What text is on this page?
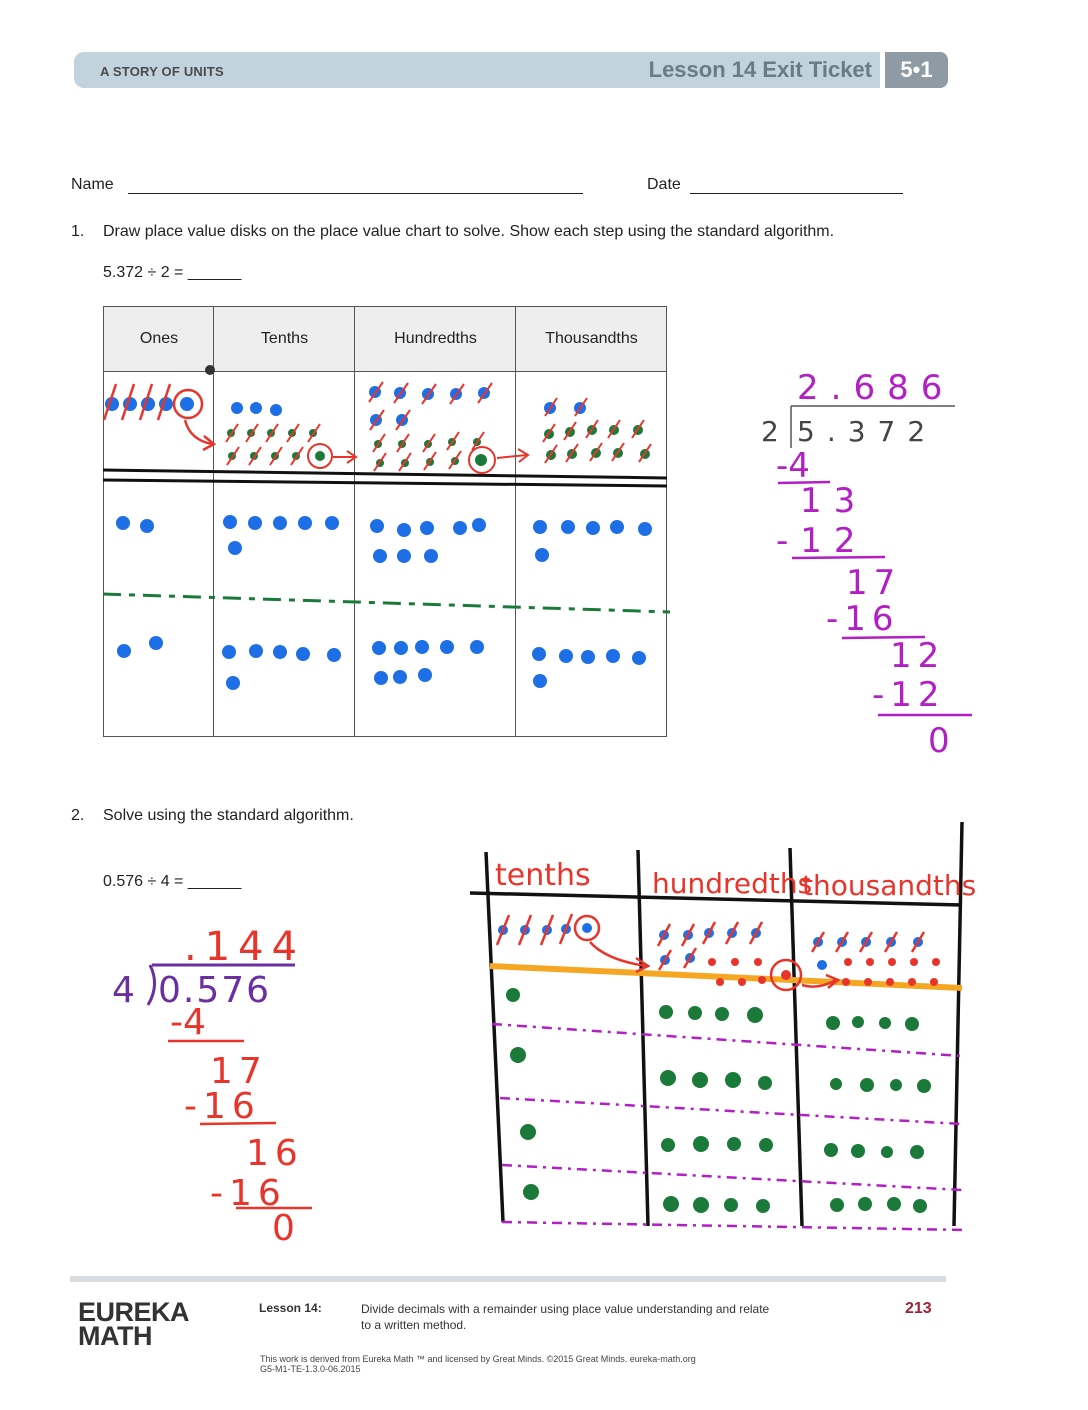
A STORY OF UNITS	Lesson 14 Exit Ticket	5•1
Name	Date
1. Draw place value disks on the place value chart to solve. Show each step using the standard algorithm.
5.372 ÷ 2 = ______
Ones	Tenths	Hundredths	Thousandths
2 5.372
2.686
-4
13
-12
17
-16
12
-12
0
4 0.576
.144
-4
17
-16
16
-16
0
tenths hundredths
thousandths
2. Solve using the standard algorithm.
0.576 ÷ 4 = ______
EUREKA
MATH
Lesson 14:	Divide decimals with a remainder using place value understanding and relate to a written method.
213
This work is derived from Eureka Math ™ and licensed by Great Minds. ©2015 Great Minds. eureka-math.org
G5-M1-TE-1.3.0-06.2015
